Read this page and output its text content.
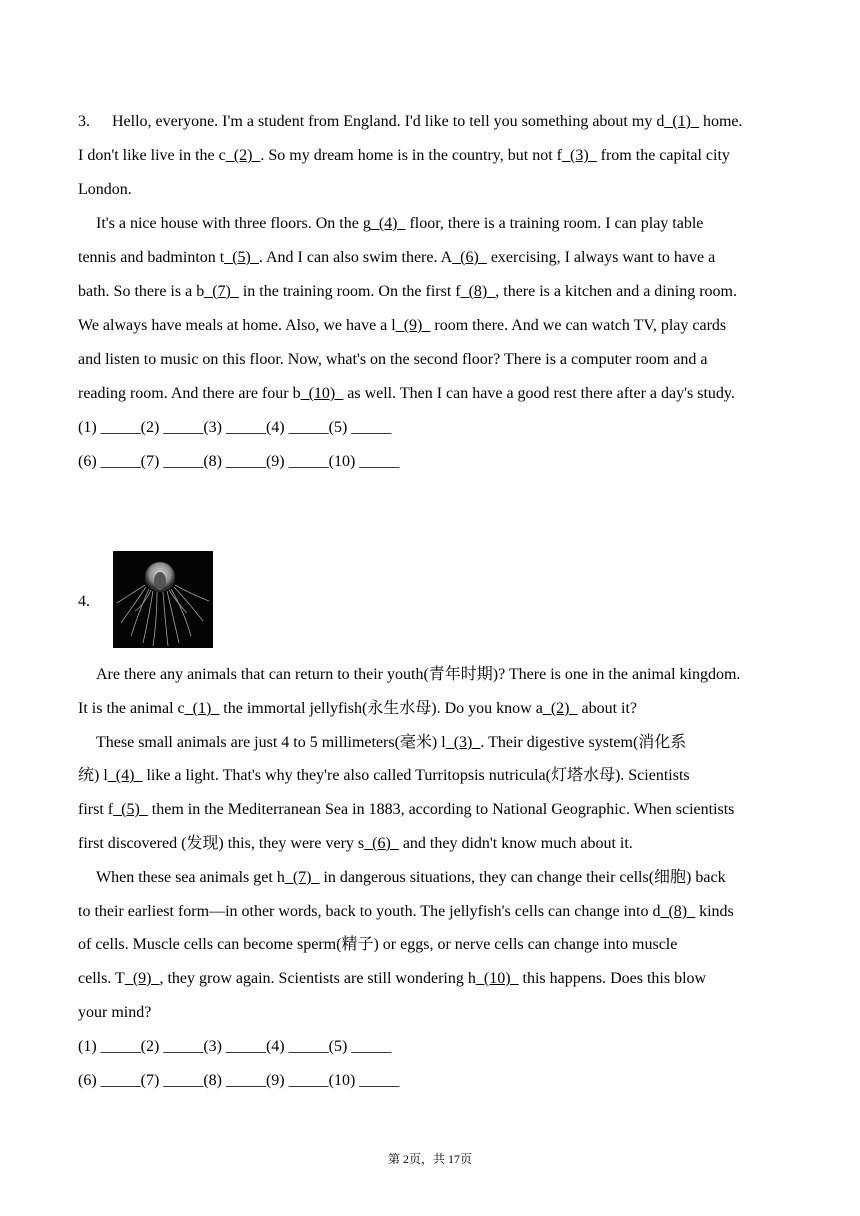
3. Hello, everyone. I'm a student from England. I'd like to tell you something about my d_(1)_ home.
I don't like live in the c_(2)_. So my dream home is in the country, but not f_(3)_ from the capital city
London.
It's a nice house with three floors. On the g_(4)_ floor, there is a training room. I can play table
tennis and badminton t_(5)_. And I can also swim there. A_(6)_ exercising, I always want to have a
bath. So there is a b_(7)_ in the training room. On the first f_(8)_, there is a kitchen and a dining room.
We always have meals at home. Also, we have a l_(9)_ room there. And we can watch TV, play cards
and listen to music on this floor. Now, what's on the second floor? There is a computer room and a
reading room. And there are four b_(10)_ as well. Then I can have a good rest there after a day's study.
(1) _____(2) _____(3) _____(4) _____(5) _____
(6) _____(7) _____(8) _____(9) _____(10) _____
4.
Are there any animals that can return to their youth(青年时期)? There is one in the animal kingdom.
It is the animal c_(1)_ the immortal jellyfish(永生水母). Do you know a_(2)_ about it?
These small animals are just 4 to 5 millimeters(毫米) l_(3)_. Their digestive system(消化系
统) l_(4)_ like a light. That's why they're also called Turritopsis nutricula(灯塔水母). Scientists
first f_(5)_ them in the Mediterranean Sea in 1883, according to National Geographic. When scientists
first discovered (发现) this, they were very s_(6)_ and they didn't know much about it.
When these sea animals get h_(7)_ in dangerous situations, they can change their cells(细胞) back
to their earliest form—in other words, back to youth. The jellyfish's cells can change into d_(8)_ kinds
of cells. Muscle cells can become sperm(精子) or eggs, or nerve cells can change into muscle
cells. T_(9)_, they grow again. Scientists are still wondering h_(10)_ this happens. Does this blow
your mind?
(1) _____(2) _____(3) _____(4) _____(5) _____
(6) _____(7) _____(8) _____(9) _____(10) _____
第 2页，共 17页
